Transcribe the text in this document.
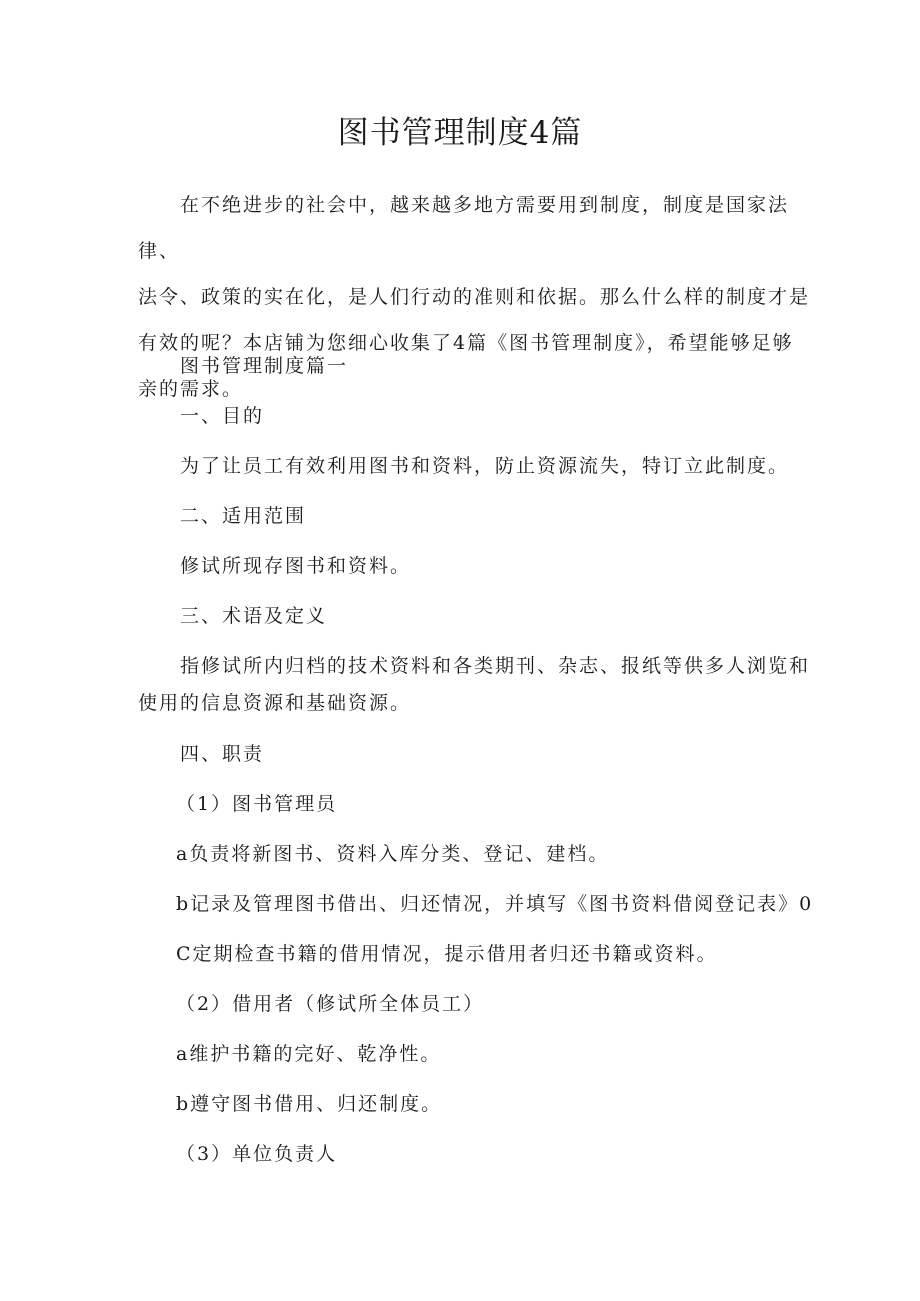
图书管理制度4篇

在不绝进步的社会中，越来越多地方需要用到制度，制度是国家法律、
法令、政策的实在化，是人们行动的准则和依据。那么什么样的制度才是
有效的呢？本店铺为您细心收集了4篇《图书管理制度》，希望能够足够
亲的需求。

图书管理制度篇一

一、目的

为了让员工有效利用图书和资料，防止资源流失，特订立此制度。

二、适用范围

修试所现存图书和资料。

三、术语及定义

指修试所内归档的技术资料和各类期刊、杂志、报纸等供多人浏览和

使用的信息资源和基础资源。

四、职责

（1）图书管理员

a负责将新图书、资料入库分类、登记、建档。

b记录及管理图书借出、归还情况，并填写《图书资料借阅登记表》0

C定期检查书籍的借用情况，提示借用者归还书籍或资料。

（2）借用者（修试所全体员工）

a维护书籍的完好、乾净性。

b遵守图书借用、归还制度。

（3）单位负责人
